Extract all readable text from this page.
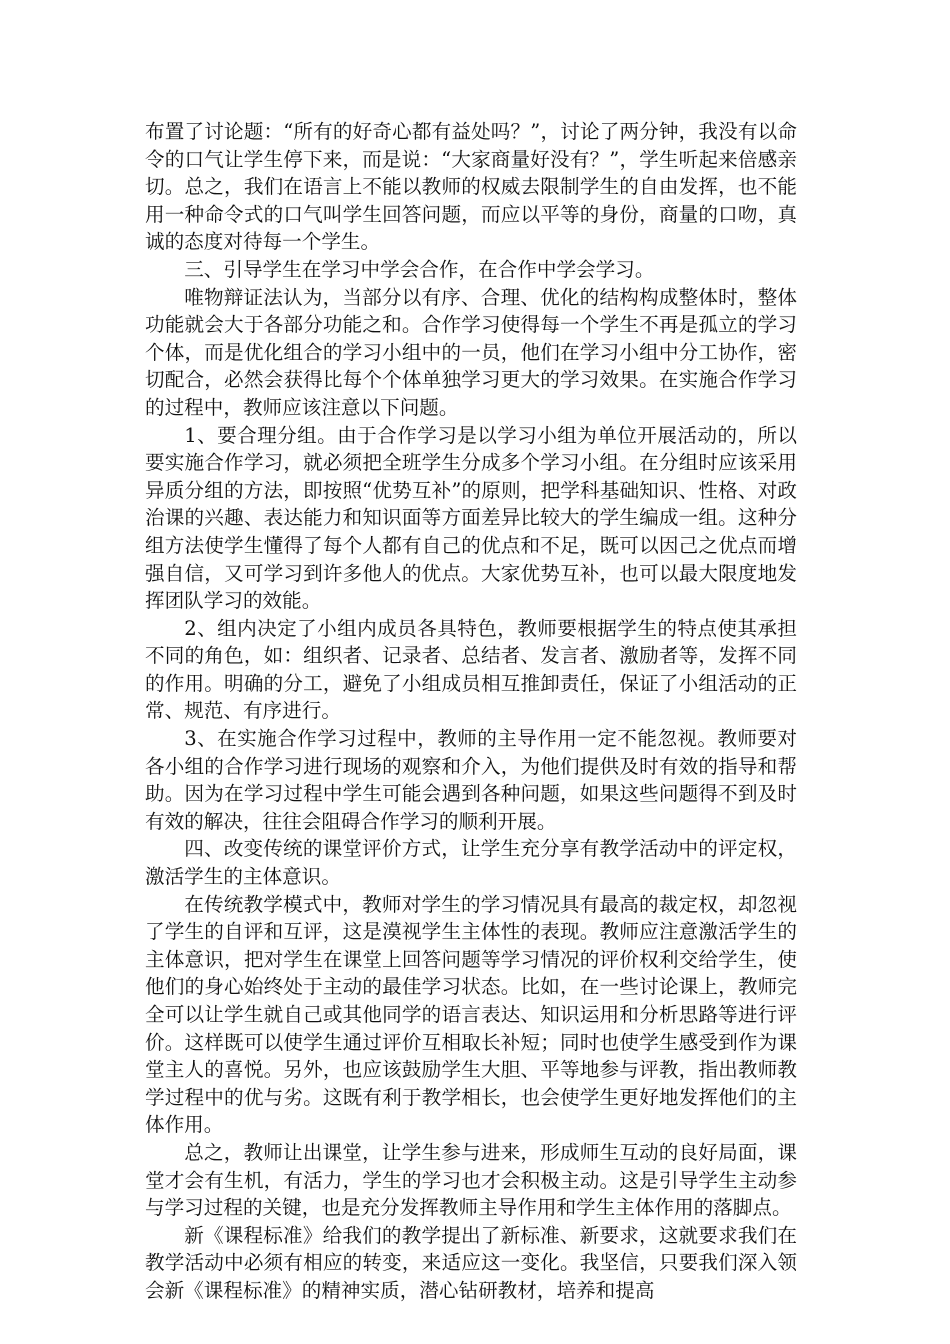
布置了讨论题：“所有的好奇心都有益处吗？”，讨论了两分钟，我没有以命令的口气让学生停下来，而是说：“大家商量好没有？”，学生听起来倍感亲切。总之，我们在语言上不能以教师的权威去限制学生的自由发挥，也不能用一种命令式的口气叫学生回答问题，而应以平等的身份，商量的口吻，真诚的态度对待每一个学生。

三、引导学生在学习中学会合作，在合作中学会学习。

唯物辩证法认为，当部分以有序、合理、优化的结构构成整体时，整体功能就会大于各部分功能之和。合作学习使得每一个学生不再是孤立的学习个体，而是优化组合的学习小组中的一员，他们在学习小组中分工协作，密切配合，必然会获得比每个个体单独学习更大的学习效果。在实施合作学习的过程中，教师应该注意以下问题。

1、要合理分组。由于合作学习是以学习小组为单位开展活动的，所以要实施合作学习，就必须把全班学生分成多个学习小组。在分组时应该采用异质分组的方法，即按照“优势互补”的原则，把学科基础知识、性格、对政治课的兴趣、表达能力和知识面等方面差异比较大的学生编成一组。这种分组方法使学生懂得了每个人都有自己的优点和不足，既可以因己之优点而增强自信，又可学习到许多他人的优点。大家优势互补，也可以最大限度地发挥团队学习的效能。

2、组内决定了小组内成员各具特色，教师要根据学生的特点使其承担不同的角色，如：组织者、记录者、总结者、发言者、激励者等，发挥不同的作用。明确的分工，避免了小组成员相互推卸责任，保证了小组活动的正常、规范、有序进行。

3、在实施合作学习过程中，教师的主导作用一定不能忽视。教师要对各小组的合作学习进行现场的观察和介入，为他们提供及时有效的指导和帮助。因为在学习过程中学生可能会遇到各种问题，如果这些问题得不到及时有效的解决，往往会阻碍合作学习的顺利开展。

四、改变传统的课堂评价方式，让学生充分享有教学活动中的评定权，激活学生的主体意识。

在传统教学模式中，教师对学生的学习情况具有最高的裁定权，却忽视了学生的自评和互评，这是漠视学生主体性的表现。教师应注意激活学生的主体意识，把对学生在课堂上回答问题等学习情况的评价权利交给学生，使他们的身心始终处于主动的最佳学习状态。比如，在一些讨论课上，教师完全可以让学生就自己或其他同学的语言表达、知识运用和分析思路等进行评价。这样既可以使学生通过评价互相取长补短；同时也使学生感受到作为课堂主人的喜悦。另外，也应该鼓励学生大胆、平等地参与评教，指出教师教学过程中的优与劣。这既有利于教学相长，也会使学生更好地发挥他们的主体作用。

总之，教师让出课堂，让学生参与进来，形成师生互动的良好局面，课堂才会有生机，有活力，学生的学习也才会积极主动。这是引导学生主动参与学习过程的关键，也是充分发挥教师主导作用和学生主体作用的落脚点。

新《课程标准》给我们的教学提出了新标准、新要求，这就要求我们在教学活动中必须有相应的转变，来适应这一变化。我坚信，只要我们深入领会新《课程标准》的精神实质，潜心钻研教材，培养和提高
